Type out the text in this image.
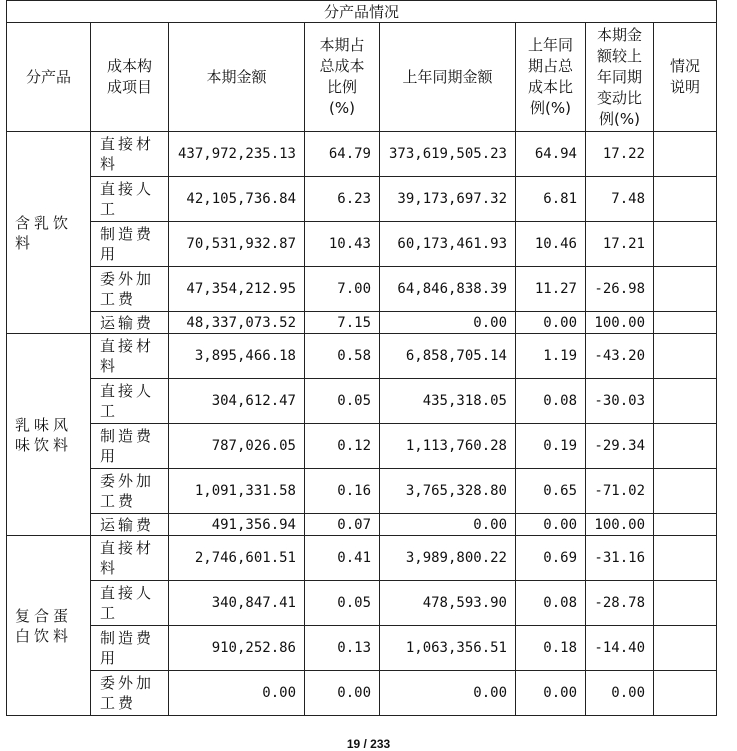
分产品情况							

分产品	成本构成项目	本期金额	本期占总成本比例(%)	上年同期金额	上年同期占总成本比例(%)	本期金额较上年同期变动比例(%)	情况说明

含乳饮料	直接材料	437,972,235.13	64.79	373,619,505.23	64.94	17.22	
	直接人工	42,105,736.84	6.23	39,173,697.32	6.81	7.48	
	制造费用	70,531,932.87	10.43	60,173,461.93	10.46	17.21	
	委外加工费	47,354,212.95	7.00	64,846,838.39	11.27	-26.98	
	运输费	48,337,073.52	7.15	0.00	0.00	100.00	
乳味风味饮料	直接材料	3,895,466.18	0.58	6,858,705.14	1.19	-43.20	
	直接人工	304,612.47	0.05	435,318.05	0.08	-30.03	
	制造费用	787,026.05	0.12	1,113,760.28	0.19	-29.34	
	委外加工费	1,091,331.58	0.16	3,765,328.80	0.65	-71.02	
	运输费	491,356.94	0.07	0.00	0.00	100.00	
复合蛋白饮料	直接材料	2,746,601.51	0.41	3,989,800.22	0.69	-31.16	
	直接人工	340,847.41	0.05	478,593.90	0.08	-28.78	
	制造费用	910,252.86	0.13	1,063,356.51	0.18	-14.40	
	委外加工费	0.00	0.00	0.00	0.00	0.00	
19 / 233
